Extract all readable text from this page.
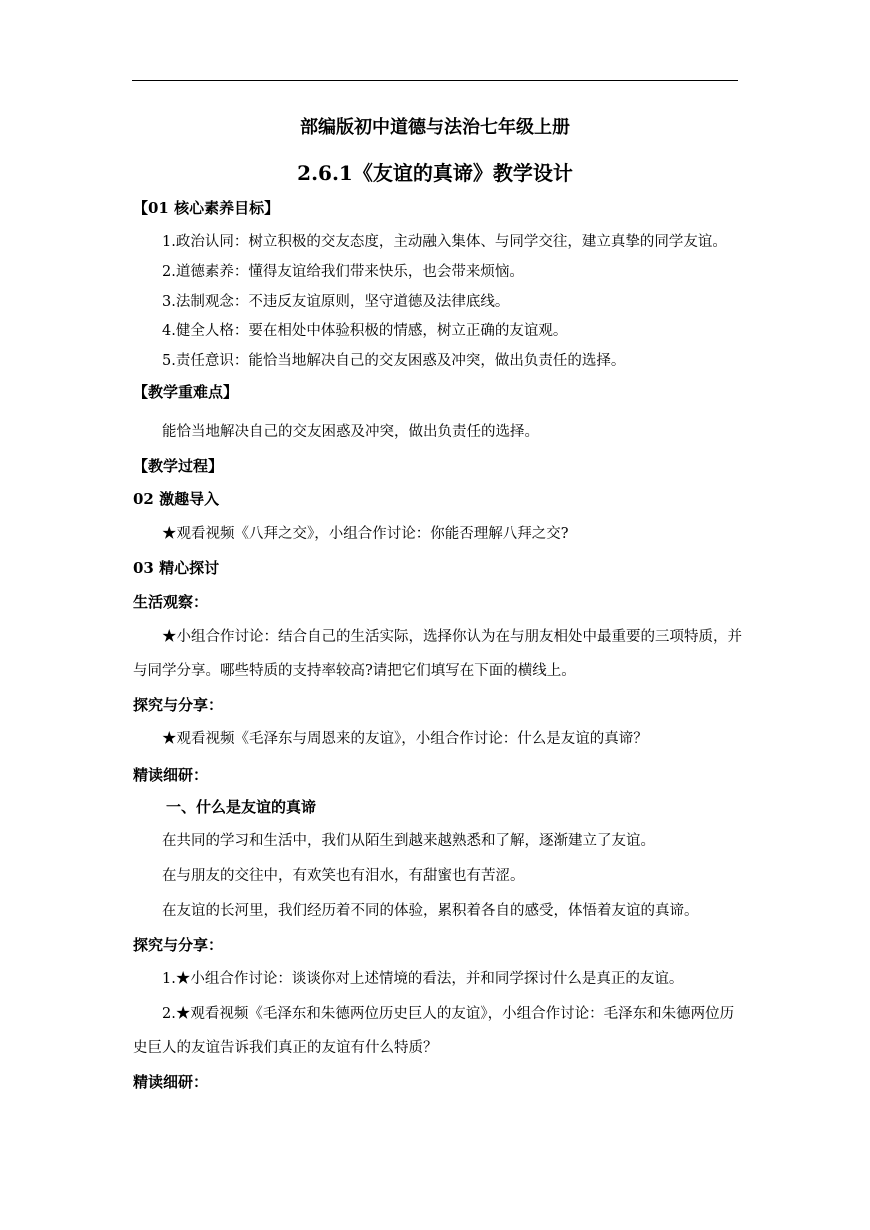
部编版初中道德与法治七年级上册
2.6.1《友谊的真谛》教学设计
【01 核心素养目标】
1.政治认同：树立积极的交友态度，主动融入集体、与同学交往，建立真挚的同学友谊。
2.道德素养：懂得友谊给我们带来快乐，也会带来烦恼。
3.法制观念：不违反友谊原则，坚守道德及法律底线。
4.健全人格：要在相处中体验积极的情感，树立正确的友谊观。
5.责任意识：能恰当地解决自己的交友困惑及冲突，做出负责任的选择。
【教学重难点】
能恰当地解决自己的交友困惑及冲突，做出负责任的选择。
【教学过程】
02 激趣导入
★观看视频《八拜之交》，小组合作讨论：你能否理解八拜之交?
03 精心探讨
生活观察：
★小组合作讨论：结合自己的生活实际，选择你认为在与朋友相处中最重要的三项特质，并与同学分享。哪些特质的支持率较高?请把它们填写在下面的横线上。
探究与分享：
★观看视频《毛泽东与周恩来的友谊》，小组合作讨论：什么是友谊的真谛？
精读细研：
一、什么是友谊的真谛
在共同的学习和生活中，我们从陌生到越来越熟悉和了解，逐渐建立了友谊。
在与朋友的交往中，有欢笑也有泪水，有甜蜜也有苦涩。
在友谊的长河里，我们经历着不同的体验，累积着各自的感受，体悟着友谊的真谛。
探究与分享：
1.★小组合作讨论：谈谈你对上述情境的看法，并和同学探讨什么是真正的友谊。
2.★观看视频《毛泽东和朱德两位历史巨人的友谊》，小组合作讨论：毛泽东和朱德两位历史巨人的友谊告诉我们真正的友谊有什么特质？
精读细研：
